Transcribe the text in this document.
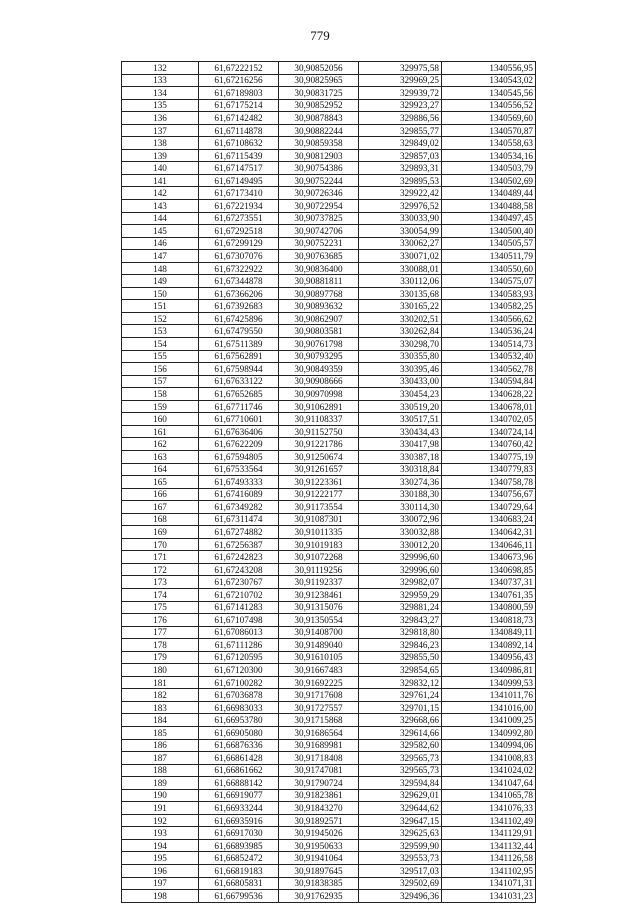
779
132	61,67222152	30,90852056	329975,58	1340556,95
133	61,67216256	30,90825965	329969,25	1340543,02
134	61,67189803	30,90831725	329939,72	1340545,56
135	61,67175214	30,90852952	329923,27	1340556,52
136	61,67142482	30,90878843	329886,56	1340569,60
137	61,67114878	30,90882244	329855,77	1340570,87
138	61,67108632	30,90859358	329849,02	1340558,63
139	61,67115439	30,90812903	329857,03	1340534,16
140	61,67147517	30,90754386	329893,31	1340503,79
141	61,67149495	30,90752244	329895,53	1340502,69
142	61,67173410	30,90726346	329922,42	1340489,44
143	61,67221934	30,90722954	329976,52	1340488,58
144	61,67273551	30,90737825	330033,90	1340497,45
145	61,67292518	30,90742706	330054,99	1340500,40
146	61,67299129	30,90752231	330062,27	1340505,57
147	61,67307076	30,90763685	330071,02	1340511,79
148	61,67322922	30,90836400	330088,01	1340550,60
149	61,67344878	30,90881811	330112,06	1340575,07
150	61,67366206	30,90897768	330135,68	1340583,93
151	61,67392683	30,90893632	330165,22	1340582,25
152	61,67425896	30,90862907	330202,51	1340566,62
153	61,67479550	30,90803581	330262,84	1340536,24
154	61,67511389	30,90761798	330298,70	1340514,73
155	61,67562891	30,90793295	330355,80	1340532,40
156	61,67598944	30,90849359	330395,46	1340562,78
157	61,67633122	30,90908666	330433,00	1340594,84
158	61,67652685	30,90970998	330454,23	1340628,22
159	61,67711746	30,91062891	330519,20	1340678,01
160	61,67710601	30,91108337	330517,51	1340702,05
161	61,67636406	30,91152750	330434,43	1340724,14
162	61,67622209	30,91221786	330417,98	1340760,42
163	61,67594805	30,91250674	330387,18	1340775,19
164	61,67533564	30,91261657	330318,84	1340779,83
165	61,67493333	30,91223361	330274,36	1340758,78
166	61,67416089	30,91222177	330188,30	1340756,67
167	61,67349282	30,91173554	330114,30	1340729,64
168	61,67311474	30,91087301	330072,96	1340683,24
169	61,67274882	30,91011335	330032,88	1340642,31
170	61,67256387	30,91019183	330012,20	1340646,11
171	61,67242823	30,91072268	329996,60	1340673,96
172	61,67243208	30,91119256	329996,60	1340698,85
173	61,67230767	30,91192337	329982,07	1340737,31
174	61,67210702	30,91238461	329959,29	1340761,35
175	61,67141283	30,91315076	329881,24	1340800,59
176	61,67107498	30,91350554	329843,27	1340818,73
177	61,67086013	30,91408700	329818,80	1340849,11
178	61,67111286	30,91489040	329846,23	1340892,14
179	61,67120595	30,91610105	329855,50	1340956,43
180	61,67120300	30,91667483	329854,65	1340986,81
181	61,67100282	30,91692225	329832,12	1340999,53
182	61,67036878	30,91717608	329761,24	1341011,76
183	61,66983033	30,91727557	329701,15	1341016,00
184	61,66953780	30,91715868	329668,66	1341009,25
185	61,66905080	30,91686564	329614,66	1340992,80
186	61,66876336	30,91689981	329582,60	1340994,06
187	61,66861428	30,91718408	329565,73	1341008,83
188	61,66861662	30,91747081	329565,73	1341024,02
189	61,66888142	30,91790724	329594,84	1341047,64
190	61,66919077	30,91823861	329629,01	1341065,78
191	61,66933244	30,91843270	329644,62	1341076,33
192	61,66935916	30,91892571	329647,15	1341102,49
193	61,66917030	30,91945026	329625,63	1341129,91
194	61,66893985	30,91950633	329599,90	1341132,44
195	61,66852472	30,91941064	329553,73	1341126,58
196	61,66819183	30,91897645	329517,03	1341102,95
197	61,66805831	30,91838385	329502,69	1341071,31
198	61,66799536	30,91762935	329496,36	1341031,23
